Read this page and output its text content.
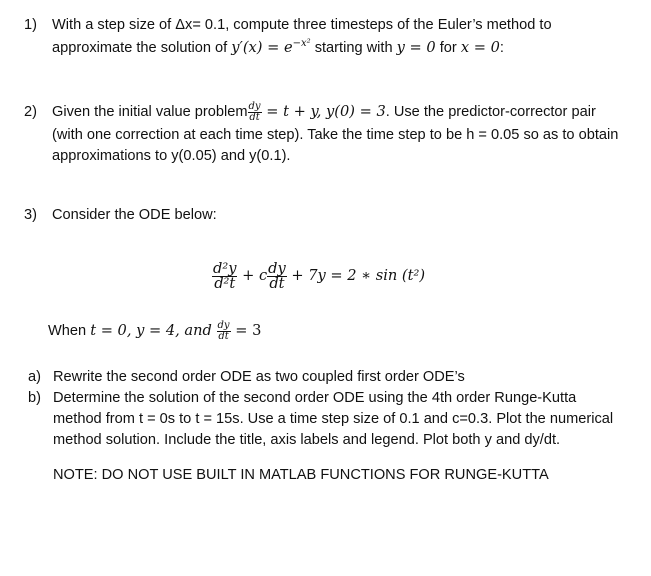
1) With a step size of Δx= 0.1, compute three timesteps of the Euler’s method to
approximate the solution of $y'(x) = e^{-x^2}$ starting with y = 0 for x = 0:
2) Given the initial value problem $\frac{dy}{dt} = t + y$, y(0) = 3. Use the predictor-corrector pair
(with one correction at each time step). Take the time step to be h = 0.05 so as to obtain
approximations to y(0.05) and y(0.1).
3) Consider the ODE below:
$\frac{\text{d²y}}{\text{d²t}} + c \frac{dy}{dt} + 7y = 2$ ∗ sin (t²)
When t = 0, y = 4, and $\frac{dy}{dt} = 3$
a) Rewrite the second order ODE as two coupled first order ODE’s
b) Determine the solution of the second order ODE using the 4th order Runge-Kutta
method from t = 0s to t = 15s. Use a time step size of 0.1 and c=0.3. Plot the numerical
method solution. Include the title, axis labels and legend. Plot both y and dy/dt.
NOTE: DO NOT USE BUILT IN MATLAB FUNCTIONS FOR RUNGE-KUTTA
